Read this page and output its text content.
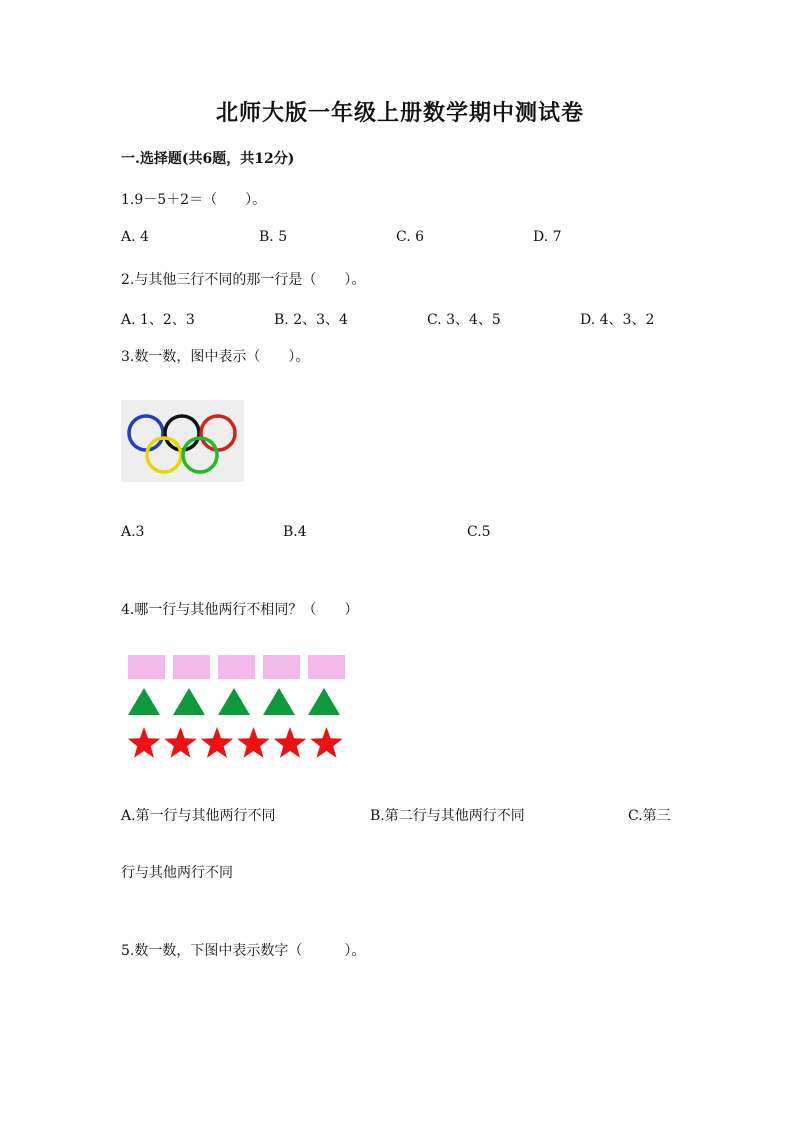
北师大版一年级上册数学期中测试卷
一.选择题(共6题，共12分)
1.9－5＋2＝（　　）。
A. 4	B. 5	C. 6	D. 7
2.与其他三行不同的那一行是（　　）。
A. 1、2、3	B. 2、3、4	C. 3、4、5	D. 4、3、2
3.数一数，图中表示（　　）。
A.3	B.4	C.5
4.哪一行与其他两行不相同？（　　）
A.第一行与其他两行不同	B.第二行与其他两行不同	C.第三
行与其他两行不同
5.数一数，下图中表示数字（　　　）。
